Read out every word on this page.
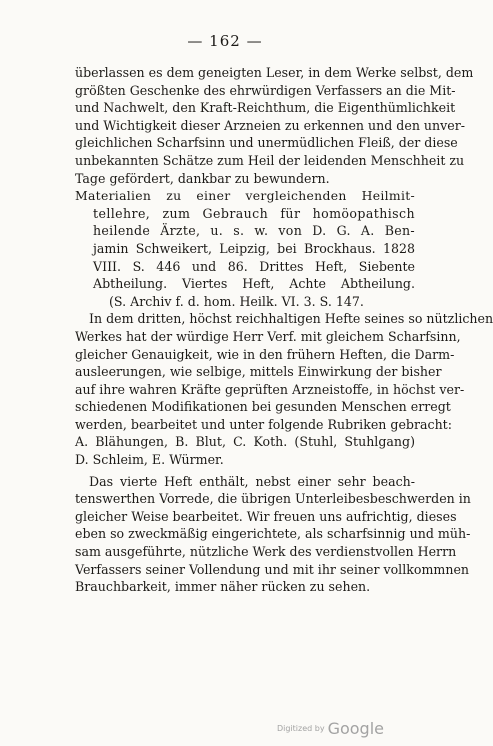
— 162 —
überlassen es dem geneigten Leser, in dem Werke selbst, dem
größten Geschenke des ehrwürdigen Verfassers an die Mit-
und Nachwelt, den Kraft-Reichthum, die Eigenthümlichkeit
und Wichtigkeit dieser Arzneien zu erkennen und den unver-
gleichlichen Scharfsinn und unermüdlichen Fleiß, der diese
unbekannten Schätze zum Heil der leidenden Menschheit zu
Tage gefördert, dankbar zu bewundern.
Materialien zu einer vergleichenden Heilmit-
tellehre, zum Gebrauch für homöopathisch
heilende Ärzte, u. s. w. von D. G. A. Ben-
jamin Schweikert, Leipzig, bei Brockhaus. 1828
VIII. S. 446 und 86. Drittes Heft, Siebente
Abtheilung. Viertes Heft, Achte Abtheilung.
(S. Archiv f. d. hom. Heilk. VI. 3. S. 147.
In dem dritten, höchst reichhaltigen Hefte seines so nützlichen
Werkes hat der würdige Herr Verf. mit gleichem Scharfsinn,
gleicher Genauigkeit, wie in den frühern Heften, die Darm-
ausleerungen, wie selbige, mittels Einwirkung der bisher
auf ihre wahren Kräfte geprüften Arzneistoffe, in höchst ver-
schiedenen Modifikationen bei gesunden Menschen erregt
werden, bearbeitet und unter folgende Rubriken gebracht:
A. Blähungen, B. Blut, C. Koth. (Stuhl, Stuhlgang)
D. Schleim, E. Würmer.
Das vierte Heft enthält, nebst einer sehr beach-
tenswerthen Vorrede, die übrigen Unterleibesbeschwerden in
gleicher Weise bearbeitet. Wir freuen uns aufrichtig, dieses
eben so zweckmäßig eingerichtete, als scharfsinnig und müh-
sam ausgeführte, nützliche Werk des verdienstvollen Herrn
Verfassers seiner Vollendung und mit ihr seiner vollkommnen
Brauchbarkeit, immer näher rücken zu sehen.
Digitized by Google
